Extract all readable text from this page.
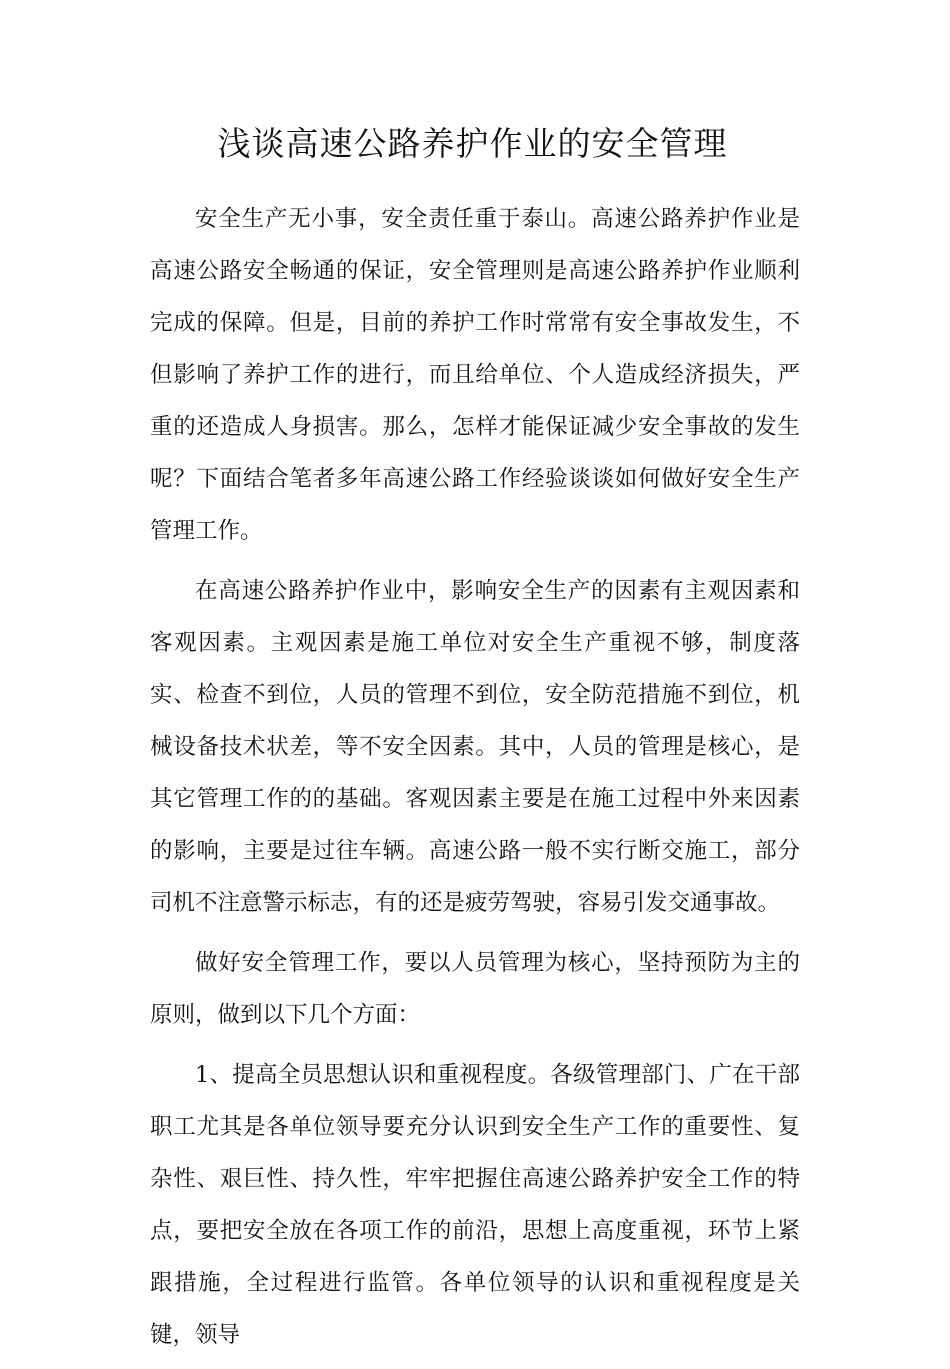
浅谈高速公路养护作业的安全管理

安全生产无小事，安全责任重于泰山。高速公路养护作业是高速公路安全畅通的保证，安全管理则是高速公路养护作业顺利完成的保障。但是，目前的养护工作时常常有安全事故发生，不但影响了养护工作的进行，而且给单位、个人造成经济损失，严重的还造成人身损害。那么，怎样才能保证减少安全事故的发生呢？下面结合笔者多年高速公路工作经验谈谈如何做好安全生产管理工作。

在高速公路养护作业中，影响安全生产的因素有主观因素和客观因素。主观因素是施工单位对安全生产重视不够，制度落实、检查不到位，人员的管理不到位，安全防范措施不到位，机械设备技术状差，等不安全因素。其中，人员的管理是核心，是其它管理工作的的基础。客观因素主要是在施工过程中外来因素的影响，主要是过往车辆。高速公路一般不实行断交施工，部分司机不注意警示标志，有的还是疲劳驾驶，容易引发交通事故。

做好安全管理工作，要以人员管理为核心，坚持预防为主的原则，做到以下几个方面：

1、提高全员思想认识和重视程度。各级管理部门、广在干部职工尤其是各单位领导要充分认识到安全生产工作的重要性、复杂性、艰巨性、持久性，牢牢把握住高速公路养护安全工作的特点，要把安全放在各项工作的前沿，思想上高度重视，环节上紧跟措施，全过程进行监管。各单位领导的认识和重视程度是关键，领导
